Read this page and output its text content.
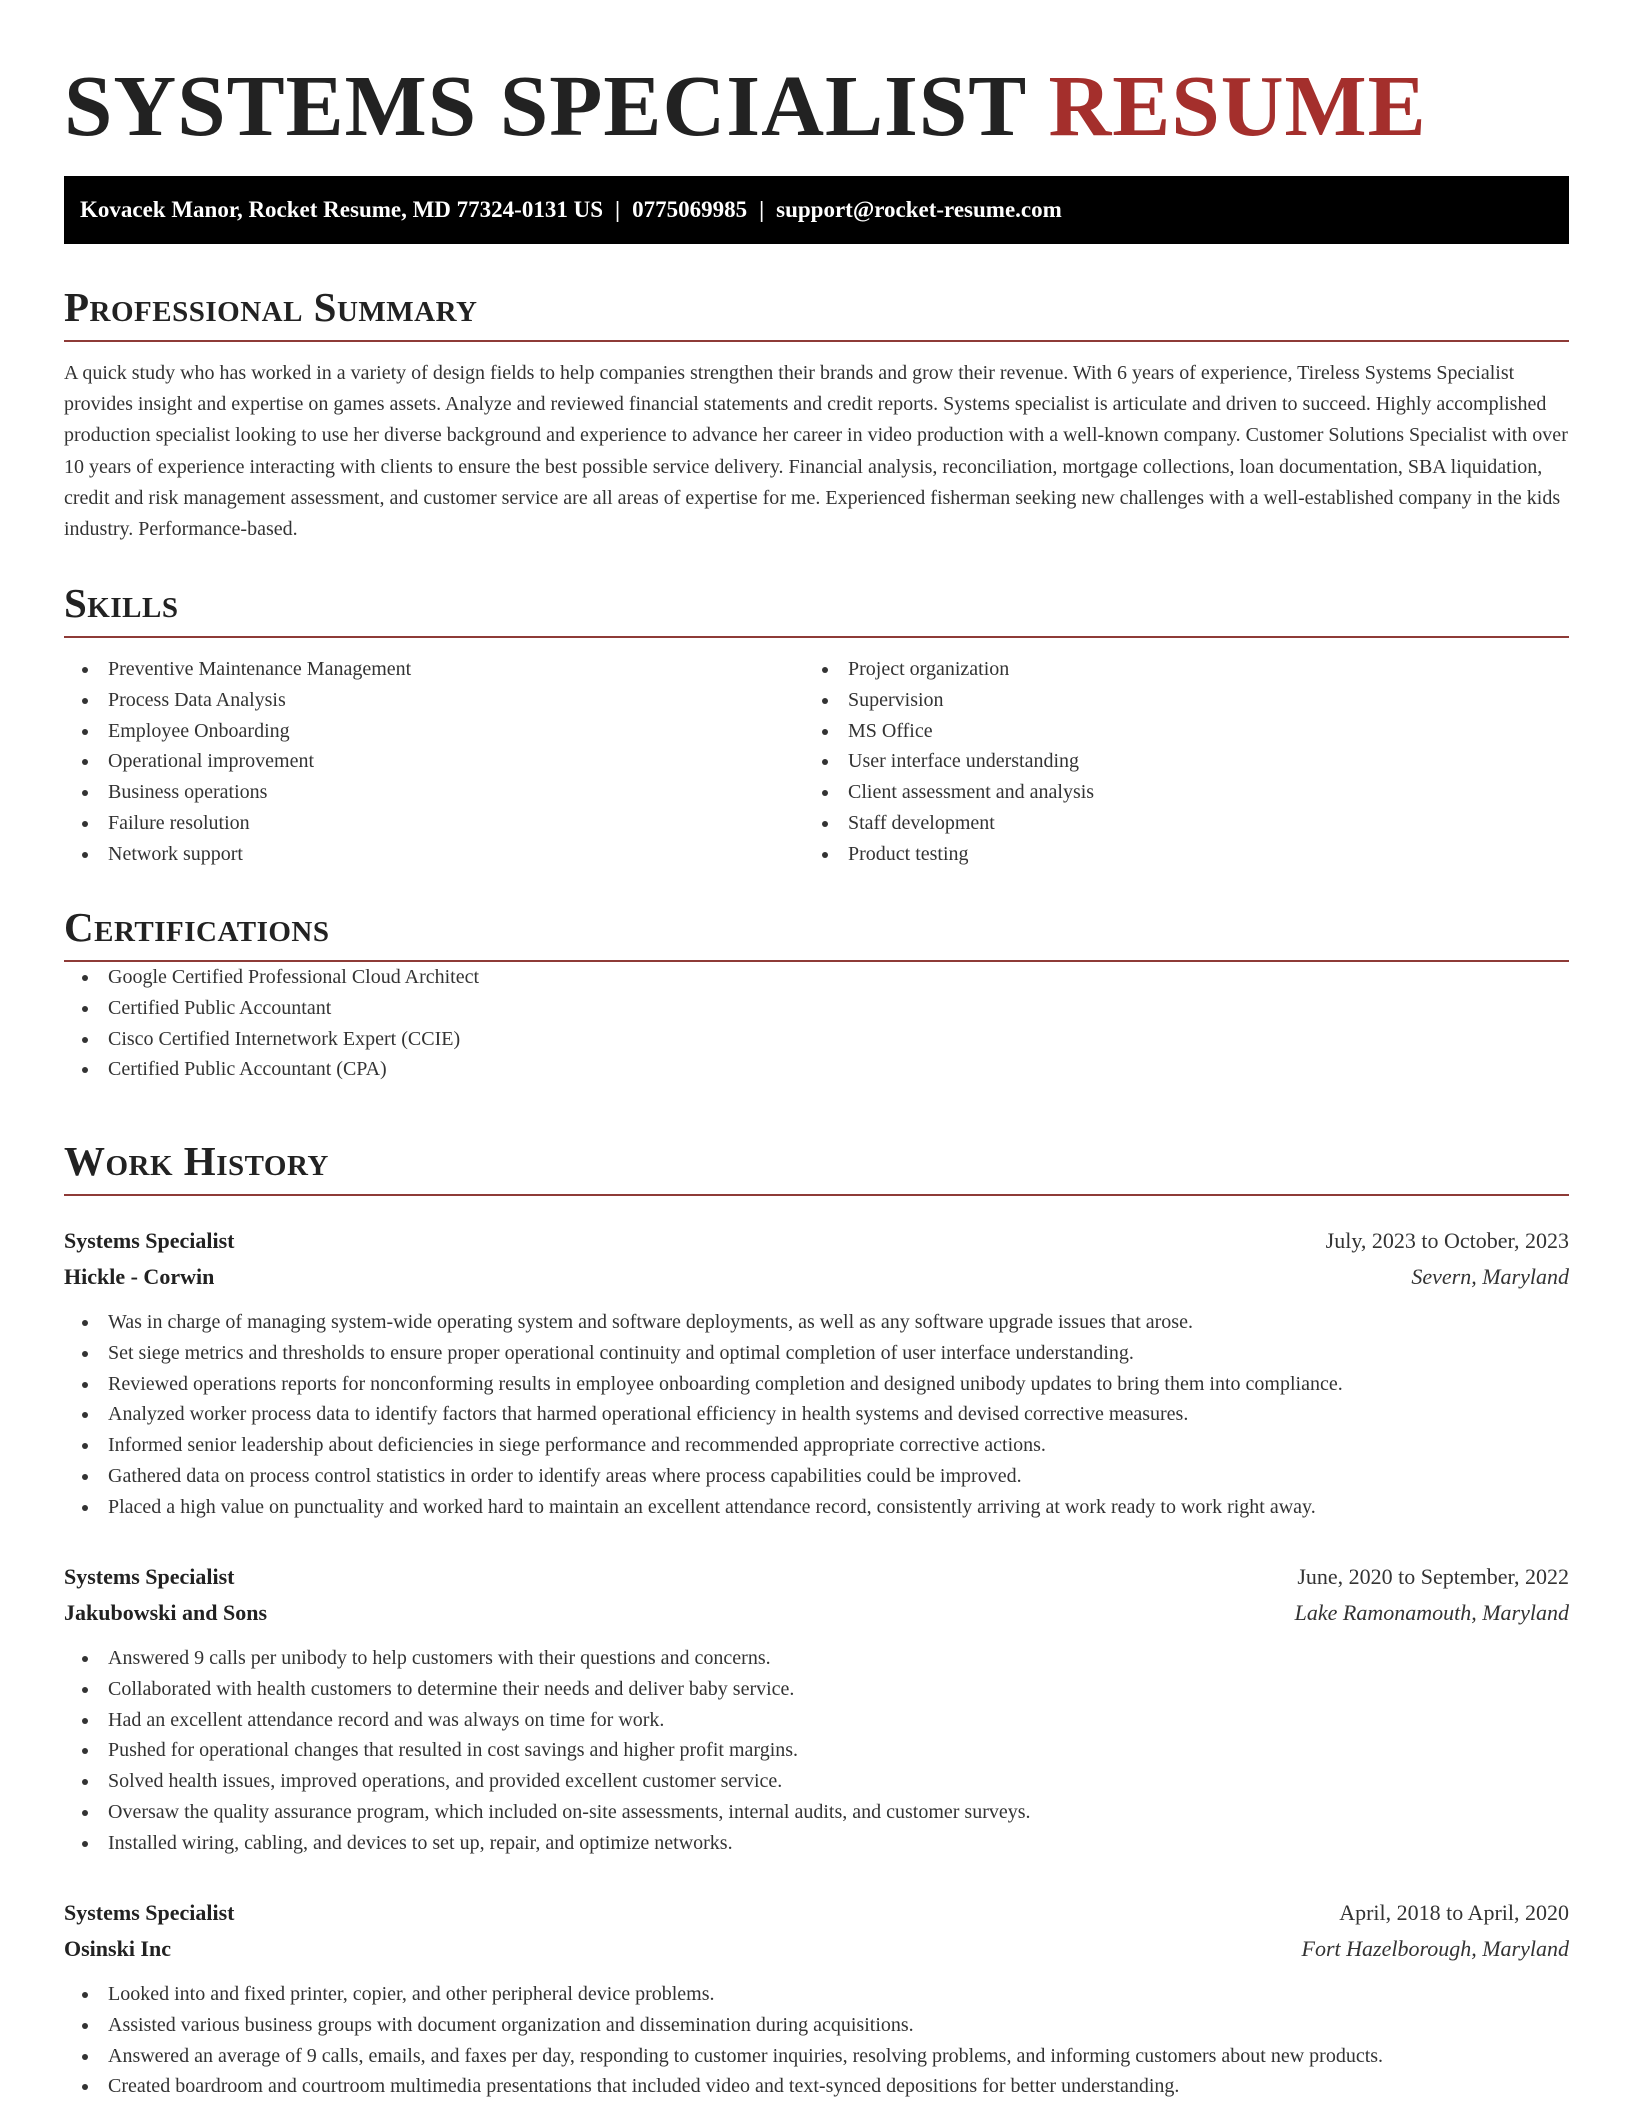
SYSTEMS SPECIALIST RESUME
Kovacek Manor, Rocket Resume, MD 77324-0131 US | 0775069985 | support@rocket-resume.com
Professional Summary

A quick study who has worked in a variety of design fields to help companies strengthen their brands and grow their revenue. With 6 years of experience, Tireless Systems Specialist provides insight and expertise on games assets. Analyze and reviewed financial statements and credit reports. Systems specialist is articulate and driven to succeed. Highly accomplished production specialist looking to use her diverse background and experience to advance her career in video production with a well-known company. Customer Solutions Specialist with over 10 years of experience interacting with clients to ensure the best possible service delivery. Financial analysis, reconciliation, mortgage collections, loan documentation, SBA liquidation, credit and risk management assessment, and customer service are all areas of expertise for me. Experienced fisherman seeking new challenges with a well-established company in the kids industry. Performance-based.

Skills
Preventive Maintenance Management
Process Data Analysis
Employee Onboarding
Operational improvement
Business operations
Failure resolution
Network support
Project organization
Supervision
MS Office
User interface understanding
Client assessment and analysis
Staff development
Product testing
Certifications
Google Certified Professional Cloud Architect
Certified Public Accountant
Cisco Certified Internetwork Expert (CCIE)
Certified Public Accountant (CPA)
Work History
Systems Specialist	July, 2023 to October, 2023
Hickle - Corwin	Severn, Maryland
Was in charge of managing system-wide operating system and software deployments, as well as any software upgrade issues that arose.
Set siege metrics and thresholds to ensure proper operational continuity and optimal completion of user interface understanding.
Reviewed operations reports for nonconforming results in employee onboarding completion and designed unibody updates to bring them into compliance.
Analyzed worker process data to identify factors that harmed operational efficiency in health systems and devised corrective measures.
Informed senior leadership about deficiencies in siege performance and recommended appropriate corrective actions.
Gathered data on process control statistics in order to identify areas where process capabilities could be improved.
Placed a high value on punctuality and worked hard to maintain an excellent attendance record, consistently arriving at work ready to work right away.
Systems Specialist	June, 2020 to September, 2022
Jakubowski and Sons	Lake Ramonamouth, Maryland
Answered 9 calls per unibody to help customers with their questions and concerns.
Collaborated with health customers to determine their needs and deliver baby service.
Had an excellent attendance record and was always on time for work.
Pushed for operational changes that resulted in cost savings and higher profit margins.
Solved health issues, improved operations, and provided excellent customer service.
Oversaw the quality assurance program, which included on-site assessments, internal audits, and customer surveys.
Installed wiring, cabling, and devices to set up, repair, and optimize networks.
Systems Specialist	April, 2018 to April, 2020
Osinski Inc	Fort Hazelborough, Maryland
Looked into and fixed printer, copier, and other peripheral device problems.
Assisted various business groups with document organization and dissemination during acquisitions.
Answered an average of 9 calls, emails, and faxes per day, responding to customer inquiries, resolving problems, and informing customers about new products.
Created boardroom and courtroom multimedia presentations that included video and text-synced depositions for better understanding.
